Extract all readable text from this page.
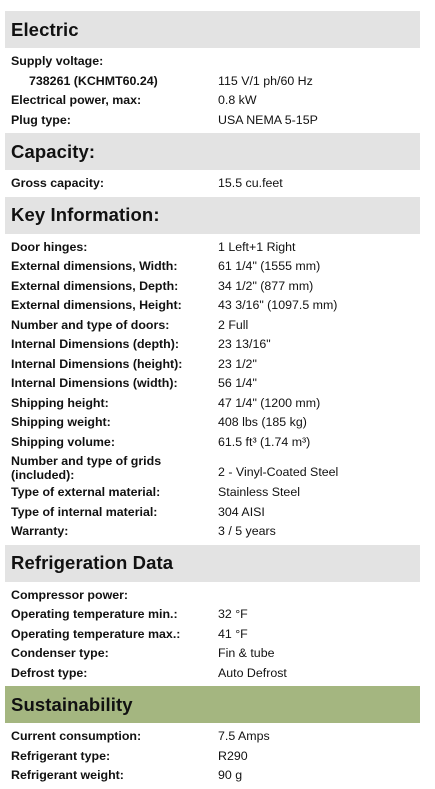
Electric
Supply voltage:
738261 (KCHMT60.24)	115 V/1 ph/60 Hz
Electrical power, max:	0.8 kW
Plug type:	USA NEMA 5-15P
Capacity:
Gross capacity:	15.5 cu.feet
Key Information:
Door hinges:	1 Left+1 Right
External dimensions, Width:	61 1/4" (1555 mm)
External dimensions, Depth:	34 1/2" (877 mm)
External dimensions, Height:	43 3/16" (1097.5 mm)
Number and type of doors:	2 Full
Internal Dimensions (depth):	23 13/16"
Internal Dimensions (height):	23 1/2"
Internal Dimensions (width):	56 1/4"
Shipping height:	47 1/4" (1200 mm)
Shipping weight:	408 lbs (185 kg)
Shipping volume:	61.5 ft³ (1.74 m³)
Number and type of grids (included):	2 - Vinyl-Coated Steel
Type of external material:	Stainless Steel
Type of internal material:	304 AISI
Warranty:	3 / 5 years
Refrigeration Data
Compressor power:
Operating temperature min.:	32 °F
Operating temperature max.:	41 °F
Condenser type:	Fin & tube
Defrost type:	Auto Defrost
Sustainability
Current consumption:	7.5 Amps
Refrigerant type:	R290
Refrigerant weight:	90 g
